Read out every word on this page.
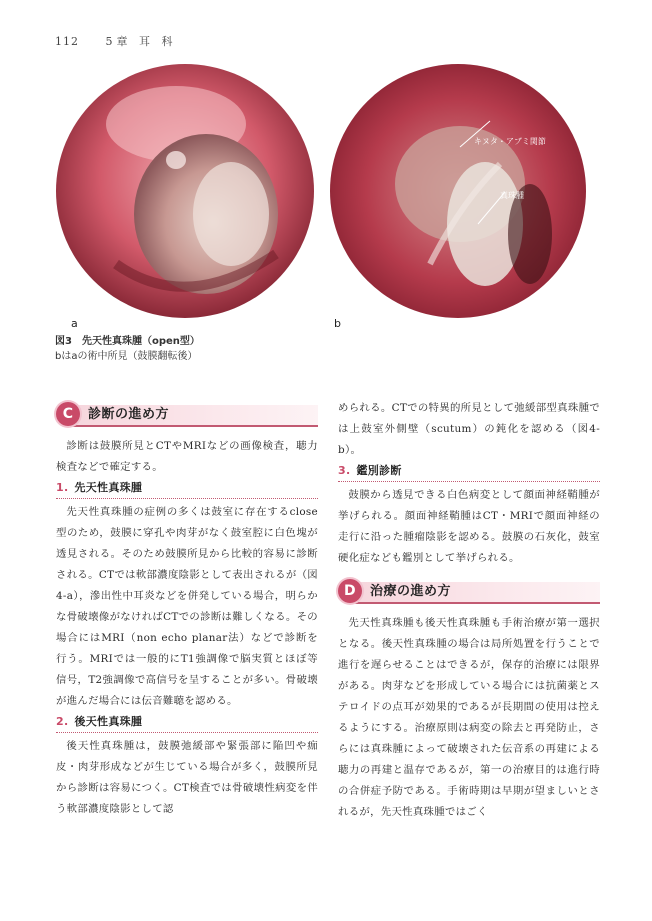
112 5章 耳 科
キヌタ・アブミ関節
真珠腫
a	b
図3　先天性真珠腫（open型）
bはaの術中所見（鼓膜翻転後）
C	診断の進め方

診断は鼓膜所見とCTやMRIなどの画像検査，聴力検査などで確定する。

1. 先天性真珠腫

先天性真珠腫の症例の多くは鼓室に存在するclose型のため，鼓膜に穿孔や肉芽がなく鼓室腔に白色塊が透見される。そのため鼓膜所見から比較的容易に診断される。CTでは軟部濃度陰影として表出されるが（図4-a），滲出性中耳炎などを併発している場合，明らかな骨破壊像がなければCTでの診断は難しくなる。その場合にはMRI（non echo planar法）などで診断を行う。MRIでは一般的にT1強調像で脳実質とほぼ等信号，T2強調像で高信号を呈することが多い。骨破壊が進んだ場合には伝音難聴を認める。

2. 後天性真珠腫

後天性真珠腫は，鼓膜弛緩部や緊張部に陥凹や痂皮・肉芽形成などが生じている場合が多く，鼓膜所見から診断は容易につく。CT検査では骨破壊性病変を伴う軟部濃度陰影として認

められる。CTでの特異的所見として弛緩部型真珠腫では上鼓室外側壁（scutum）の鈍化を認める（図4-b）。

3. 鑑別診断

鼓膜から透見できる白色病変として顔面神経鞘腫が挙げられる。顔面神経鞘腫はCT・MRIで顔面神経の走行に沿った腫瘤陰影を認める。鼓膜の石灰化，鼓室硬化症なども鑑別として挙げられる。

D	治療の進め方

先天性真珠腫も後天性真珠腫も手術治療が第一選択となる。後天性真珠腫の場合は局所処置を行うことで進行を遅らせることはできるが，保存的治療には限界がある。肉芽などを形成している場合には抗菌薬とステロイドの点耳が効果的であるが長期間の使用は控えるようにする。治療原則は病変の除去と再発防止，さらには真珠腫によって破壊された伝音系の再建による聴力の再建と温存であるが，第一の治療目的は進行時の合併症予防である。手術時期は早期が望ましいとされるが，先天性真珠腫ではごく
